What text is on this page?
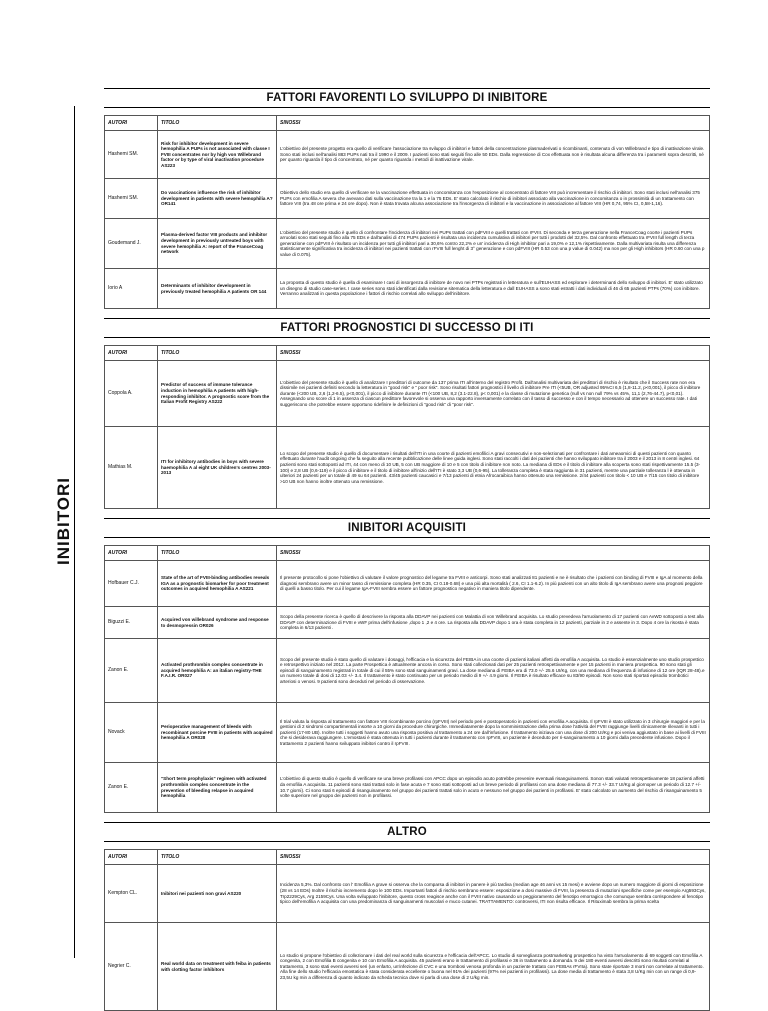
INIBITORI
FATTORI FAVORENTI LO SVILUPPO DI INIBITORE
AUTORI	TITOLO	SINOSSI
Hashemi SM.	Risk for inhibitor development in severe hemophilia A PUPs is not associated with classe I FVIII concentrates nor by high von Willebrand factor or by type of viral inactivation procedure AS223	L'obiettivo del presente progetto era quello di verificare l'associazione tra sviluppo di inibitori e fattori della concentrazione plasmaderivati o ricombinanti, contenuto di von Willebrand e tipo di inattivazione virale. Sono stati inclusi nell'analisi 883 PUPs nati tra il 1990 e il 2009. I pazienti sono stati seguiti fino alle 50 EDs. Dalla regressione di Cox effettuata non è risultata alcuna differenza tra i parametri sopra descritti, né per quanto riguarda il tipo di concentrato, né per quanto riguarda i metodi di inattivazione virale.
Hashemi SM.	Do vaccinations influence the risk of inhibitor development in patients with severe hemophilia A? OR141	Obiettivo dello studio era quello di verificare se la vaccinazione effettuata in concomitanza con l'esposizione al concentrato di fattore VIII può incrementare il rischio di inibitori. Sono stati inclusi nell'analisi 375 PUPs con emofilia A severa che avevano dati sulla vaccinazione tra la 1 e la 75 EDs. E' stato calcolato il rischio di inibitori associato alla vaccinazione in concomitanza o in prossimità di un trattamento con fattore VIII (tra 48 ore prima e 24 ore dopo). Non è stata trovata alcuna associazione tra l'insorgenza di inibitori e la vaccinazione in associazione al fattore VIII (HR 0,74, 95% CI, 0,58-1,16).
Goudemand J.	Plasma-derived factor VIII products and inhibitor development in previously untreated boys with severe hemophilia A: report of the FranceCoag network	L'obiettivo del presente studio è quello di confrontare l'incidenza di inibitori nei PUPs trattati con pdFVIII e quelli trattati con rFVIII. Di seconda e terza generazione nella FranceCoag coorte i pazienti PUPs arruolati sono stati seguiti fino alla 75 EDs e dall'analisi di 474 PUPs pazienti è risultata una incidenza cumulativa di inibitori per tutti i prodotti del 32,5%. Dal confronto effettuato tra rFVIII full length di terza generazione con pdFVIII è risultato un incidenza per tutti gli inibitori pari a 30,6% contro 22,2% e un' incidenza di High inhibitor pari a 19,0% e 12,1% rispettivamente. Dalla multivariata risulta una differenza statisticamente significativa tra incidenza di inibitori nei pazienti trattati con rFVIII full lenght di 3° generazione e con pdFVIII (HR 0.53 con una p value di 0.042) ma non per gli High inhibitors (HR 0.60 con una p value di 0.075).
Iorio A	Determinants of inhibitor development in previously treated hemophilia A patients OR 144	La proposta di questo studio è quella di esaminare I casi di insorgenza di inibitore de novo nei PTPs registrati in letteratura e sull'EUHASS ed esplorare i determinanti dello sviluppo di inibitori. E' stato utilizzato un disegno di studio case-series. I case series sono stati identificati dalla revisione sitematica della letteratura e dall EUHASS a sono stati estratti i dati individuali di 46 di 65 pazienti PTPs (70%) con inibitore. Verranno analizzati in questa popolazione i fattori di rischio correlati allo sviluppo dell'inibitore.
FATTORI PROGNOSTICI DI SUCCESSO DI ITI
AUTORI	TITOLO	SINOSSI
Coppola A.	Predictor of success of immune tolerance induction in hemophilia A patients with high-responding inhibitor. A prognostic score from the Italian Profit Registry AS222	L'obiettivo del presente studio è quello di analizzare I predittori di outcome da 137 prima ITI all'interno del registro Profit. Dall'analisi multivariata dei predittori di rischio è risultato che il Success rate non era dissimile nei pazienti definiti secondo la letteratura in "good risk" e " poor risk". Sono risultati fattori prognostici il livello di inibitore Pre ITI (<5UB, OR adjusted 95%CI 6,5 (1,8-11.2, p<0,001), il picco di inibitore durante (<200 UB, 2,6 (1,2-6.5), p<0,001), il picco di inibitore durante ITI (<100 UB, 8,2 (3.1-22.8), p< 0,001) e la classe di mutazione genetica (null vs non null 79% vs 45%, 11,1 (2,76-44.7), p<0,01). Assegnando uno score di 1 in assenza di ciascun predittore favorevole si osserva una rapporto inversamente correlato con il tasso di successo e con il tempo necessario ad ottenere un successo rate. I dati suggeriscono che potrebbe essere opportuno ridefinire le definizioni di "good risk" di "poor risk".
Mathias M.	ITI for inhibitory antibodies in boys with severe haemophilia A al eight UK children's centres 2003-2013	Lo scopo del presente studio è quello di documentare i risultati dell'ITI in una coorte di pazienti emofilici A gravi consecutivi e non-selezionati per confrontare i dati ameaomici di questi pazienti con quanto effettuato durante l'audit ongoing che fa seguito alla recente pubblicazione delle linee guida inglesi. Sono stati raccolti i dati dei pazienti che hanno sviluppato inibitore tra il 2003 e il 2013 in 8 centri inglesi. 64 pazienti sono stati sottoposti ad ITI, 44 con meno di 10 UB, 5 con UB maggiore di 10 e 5 con titolo di inibitore non noto. La mediana di EDs e il titolo di inibitore alla scoperta sono stati rispettivamente 15.5 (3-100) e 2,8 UB (0,6-119) e il picco di inibitore e il titolo di inibitore all'inizio dell'ITI è stato 3,3 UB (0,6-95). La tolleranza completa è stata raggiunta in 31 pazienti, mentre una parziale tolleranza l è ottenuta in ulteriori 24 pazienti per un totale di 49 su 64 pazienti. 43/45 pazienti caucasici e 7/13 pazienti di etnia Afrocaraibica hanno ottenuto una remissione. 2/44 pazienti con titolo < 10 UB e 7/15 con titolo di inibitore >10 UB non hanno inoltre ottenuto una remissione.
INIBITORI ACQUISITI
AUTORI	TITOLO	SINOSSI
Hofbauer C.J.	State of the art of FVIII-binding antibodies reveals IGA as a prognostic biomarker for poor treatment outcomes in acquired hemophilia A AS221	Il presente protocollo si pone l'obiettivo di valutare il valore prognostico del legame tra FVIII e anticorpi. Sono stati analizzati 81 pazienti e ne è risultato che i pazienti con binding di FVIII e IgA al momento della diagnosi sembrano avere un minor tasso di remissione completa (HR 0.35, CI 0.18-0.68) e una più alta mortalità ( 2.6, CI 1.1-6.2). In più pazienti con un alto titolo di IgA sembrano avere una prognosi peggiore di quelli a basso titolo. Per cui il legame IgA-FVIII sembra essere un fattore prognostico negativo in maniera titolo dipendente.
Biguzzi E.	Acquired von willebrand syndrome and response to desmopressin OR026	Scopo della presente ricerca è quello di descrivere la risposta alla DDAVP nei pazienti con Malattia di von Willebrand acquisita. Lo studio prevedeva l'arruolamento di 17 pazienti con AvWD sottoposti a test alla DDAVP con determinazione di FVIII e vWF prima dell'infusione ,dopo 1 ,2 e 4 ore. La risposta alla DDAVP dopo 1 ora è stata completa in 12 pazienti, parziale in 2 e assente in 3. Dopo 4 ore la risosta è stata completa in 6/13 pazienti .
Zanon E.	Activated prothrombin complex concentrate in acquired hemophilia A: an italian registry-THE F.A.I.R. OR027	Scopo del presente studio è stato quello di valutare i dosaggi, l'efficacia e la sicurezza del FEIBA in una coorte di pazienti italiani affetti da emofilia A acquisita. Lo studio è essenzialmente uno studio prospettico e retrospettivo iniziato nel 2012. La parte Prospettica è attualmente ancora in corso. Sono stati collezionati dati per 25 pazienti retrospettivamente e per 15 pazienti in maniera prospettica. 90 sono stati gli episodi di sanguinamento registrati in totale di cui il 55% sono stati sanguinamenti gravi. La dose mediana di FEIBA era di 73.0 +/- 25.6 UI/Kg, con una mediana di frequenza di infusione di 12 ore (IQR 28-48).e un numero totale di dosi di 12.03 +/- 3.4. Il trattamento è stato continuato per un periodo medio di 9 +/- 4.9 giorni. Il FEIBA è risultato efficace su 83/90 episodi. Non sono stati riportati episodio trombotici arteriosi o venosi. 9 pazienti sono deceduti nel periodo di osservazione.
Novack	Perioperative management of bleeds with recombinant porcine FVIII in patients with acquired hemophilia A OR028	Il trial valuta la risposta al trattamento con fattore VIII ricombinante porcino (rpFVIII) nel periodo peri e postoperatorio in pazienti con emofilia A acquisita. Il rpFVIII è stato utilizzato in 3 chirurgie maggiori e per la gestioni di 2 sindromi compartimentali insorte a 10 giorni da procedure chirurgiche. Immediatamente dopo la somministrazione della prima dose l'attività del FVIII raggiunge livelli clinicamente rilevanti in tutti i pazienti (17-80 UB). Inoltre tutti i soggetti hanno avuto una risposta positiva al trattamento a 24 ore dall'infusione. Il trattamento iniziava con una dose di 200 UI/Kg e poi veniva aggiustato in base ai livelli di FVIII che si desiderava raggiungere. L'emostasi è stata ottenuta in tutti i pazienti durante il trattamento con rpFVIII, un paziente è deceduto per ri-sanguinamento a 10 giorni dalla precedente infusione. Dopo il trattamento 2 pazienti hanno sviluppato inibitori contro il rpFVIII.
Zanon E.	"Short term prophylaxis" regimen with activated prothrombin complex concentrate in the prevention of bleeding relapse in acquired hemophilia	L'obiettivo di questo studio è quello di verificare se una breve profilassi con APCC dopo un episodio acuto potrebbe prevenire eventuali risanguinamenti. Sonon stati valutati retrospettivamente 18 pazienti affetti da emofilia A acquisita. 11 pazienti sono stati trattati solo in fase acuta e 7 sono stati sottoposti ad un breve periodo di profilassi con una dose mediana di 77.3 +/- 33.7 UI/Kg al giornoper un periodo di 12.7 +/- 10.7 giorni). Ci sono stati 6 episodi di risanguinamento nel gruppo dei pazienti trattati solo in acuto e nessuno nel gruppo dei pazienti in profilassi. E' stato calcolato un aumento del rischio di risanguinamento 5 volte superiore nel gruppo dei pazienti non in profilassi.
ALTRO
AUTORI	TITOLO	SINOSSI
Kempton CL.	Inibitori nei pazienti non gravi AS220	Incidenza 5,3%. Dal confronto con l' Emofilia A grave si osserva che la comparsa di inibitori in panere è più tardiva (median age 46 anni vs 15 mesi) e avviene dopo un numero maggiore di giorni di esposizione (28 vs 14 EDs) Inoltre il rischio incremento dopo le 100 EDs. Importanti fattori di rischio sembrano essere: esposizione a dosi massive di FVIII, la presenza di mutazioni specifiche come per esempio Arg593Cys, Trp2229Cys, Arg 2159Cys. Una volta sviluppato l'inibitore, questo cross reagisce anche con il FVIII nativo causando un peggioramento del fenotipo emorragico che comunque sembra corrispondere al fenotipo tipico dell'emofilia A acquisita con una predominanza di sanguinamenti muscolari e muco cutanei. TRATTAMENTO: controversi, ITI non risulta efficace. Il Rituximab sembra la prima scelta
Negrier C.	Real world data on treatment with feiba in patients with clotting factor inhibitors	Lo studio si propone l'obiettivo di collezionare i dati del real world sulla sicurezza e l'efficacia dell'APCC. Lo studio di sorveglianza postmarketing prospettico ha visto l'arruolamento di 69 soggetti con Emofilia A congenita, 2 con Emofilia B congenita e 10 con Emofilia A acquisita. 45 pazienti erano in trattamento di profilassi e 36 in trattamento a domanda. 9 dei 180 eventi avversi descritti sono risultati correlati al trattamento, 3 sono stati eventi avversi seri (un enfarto, un'infezione di CVC e una trombosi venosa profonda in un paziente trattato con FEIBAs rFVIIa). Sono state riportate 3 morti non correlate al trattamento. Alla fine dello studio l'efficacia emostatica è stata considerata eccellente o buona nel 91% dei pazienti (97% nei pazienti in profilassi). La dose media di trattamento è stata 3,8 U/Kg min con un range di 0,9-23,5U kg min a differenza di quanto indicato da scheda tecnica dove si parla di una dose di 2 U/kg min.
